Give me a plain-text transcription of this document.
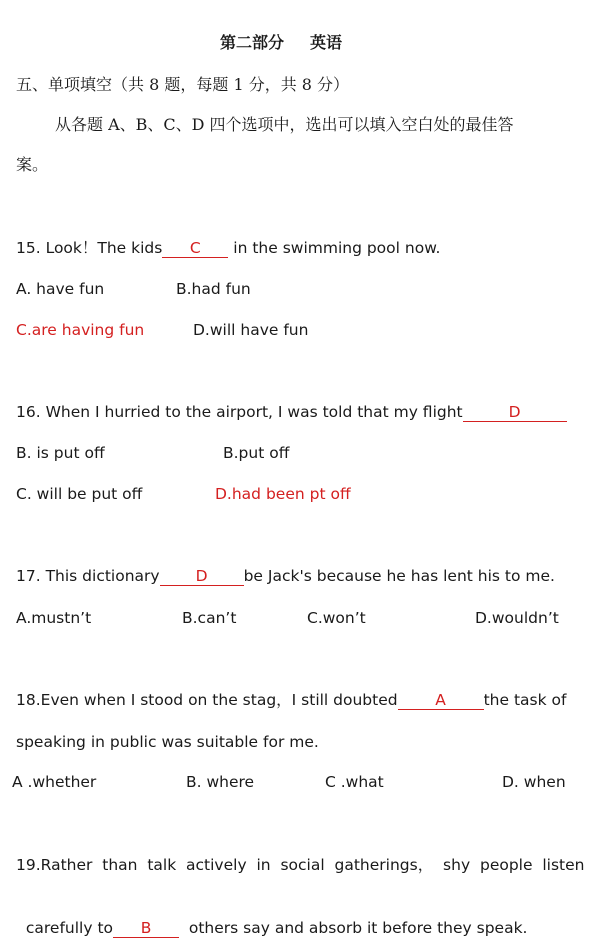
第二部分 英语
五、单项填空（共 8 题，每题 1 分，共 8 分）
从各题 A、B、C、D 四个选项中，选出可以填入空白处的最佳答
案。
15. Look！The kids C in the swimming pool now.
A. have fun	B.had fun
C.are having fun	D.will have fun
16. When I hurried to the airport, I was told that my flight	D
B. is put off	B.put off
C. will be put off	D.had been pt off
17. This dictionary D be Jack's because he has lent his to me.
A.mustn’t	B.can’t	C.won’t	D.wouldn’t
18.Even when I stood on the stag，I still doubted A the task of
speaking in public was suitable for me.
A .whether	B. where	C .what	D. when
19.Rather  than  talk  actively  in  social  gatherings，  shy  people  listen

carefully to B  others say and absorb it before they speak.
